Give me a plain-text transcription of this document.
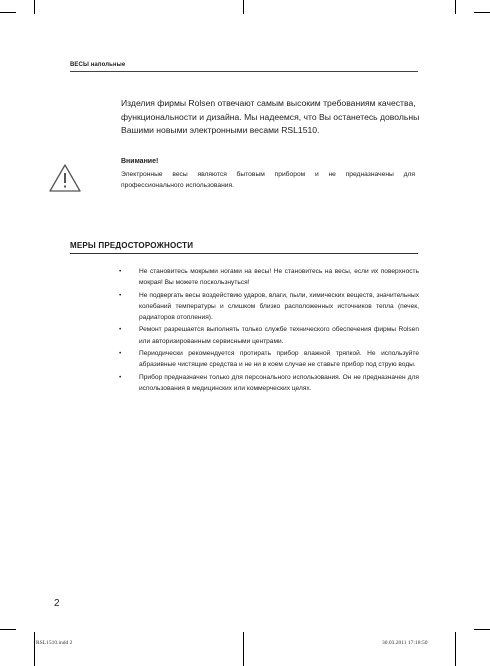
ВЕСЫ напольные
Изделия фирмы Rolsen отвечают самым высоким требованиям качества, функциональности и дизайна. Мы надеемся, что Вы останетесь довольны Вашими новыми электронными весами RSL1510.
Внимание!
Электронные весы являются бытовым прибором и не предназначены для профессионального использования.
МЕРЫ ПРЕДОСТОРОЖНОСТИ
•	Не становитесь мокрыми ногами на весы! Не становитесь на весы, если их поверхность мокрая! Вы можете поскользнуться!
•	Не подвергать весы воздействию ударов, влаги, пыли, химических веществ, значительных колебаний температуры и слишком близко расположенных источников тепла (печек, радиаторов отопления).
•	Ремонт разрешается выполнять только службе технического обеспечения фирмы Rolsen или авторизированным сервисными центрами.
•	Периодически рекомендуется протирать прибор влажной тряпкой. Не используйте абразивные чистящие средства и не ни в коем случае не ставьте прибор под струю воды.
•	Прибор предназначен только для персонального использования. Он не предназначен для использования в медицинских или коммерческих целях.
2
RSL1510.indd 2	30.03.2011 17:18:50
